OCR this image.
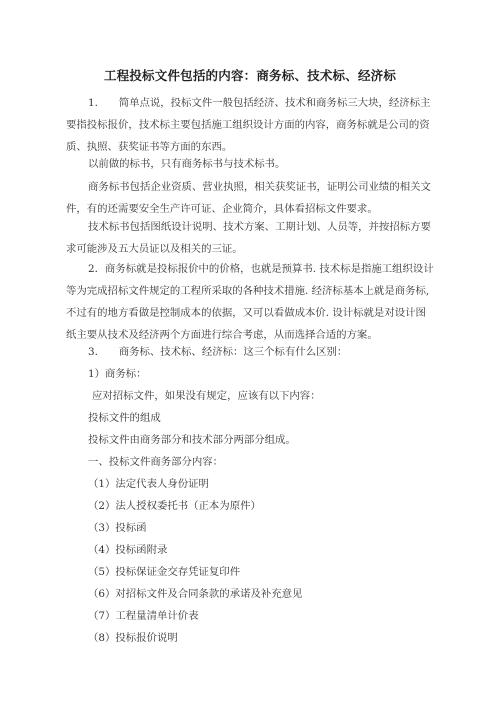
工程投标文件包括的内容：商务标、技术标、经济标
1.　　简单点说，投标文件一般包括经济、技术和商务标三大块，经济标主要指投标报价，技术标主要包括施工组织设计方面的内容，商务标就是公司的资质、执照、获奖证书等方面的东西。
以前做的标书，只有商务标书与技术标书。
商务标书包括企业资质、营业执照，相关获奖证书，证明公司业绩的相关文件，有的还需要安全生产许可证、企业简介，具体看招标文件要求。
技术标书包括图纸设计说明、技术方案、工期计划、人员等，并按招标方要求可能涉及五大员证以及相关的三证。
2．商务标就是投标报价中的价格，也就是预算书. 技术标是指施工组织设计等为完成招标文件规定的工程所采取的各种技术措施. 经济标基本上就是商务标,不过有的地方看做是控制成本的依据，又可以看做成本价. 设计标就是对设计图纸主要从技术及经济两个方面进行综合考虑，从而选择合适的方案。
3.　　商务标、技术标、经济标：这三个标有什么区别：
1）商务标：
应对招标文件，如果没有规定，应该有以下内容：
投标文件的组成
投标文件由商务部分和技术部分两部分组成。
一、投标文件商务部分内容：
（1）法定代表人身份证明
（2）法人授权委托书（正本为原件）
（3）投标函
（4）投标函附录
（5）投标保证金交存凭证复印件
（6）对招标文件及合同条款的承诺及补充意见
（7）工程量清单计价表
（8）投标报价说明
